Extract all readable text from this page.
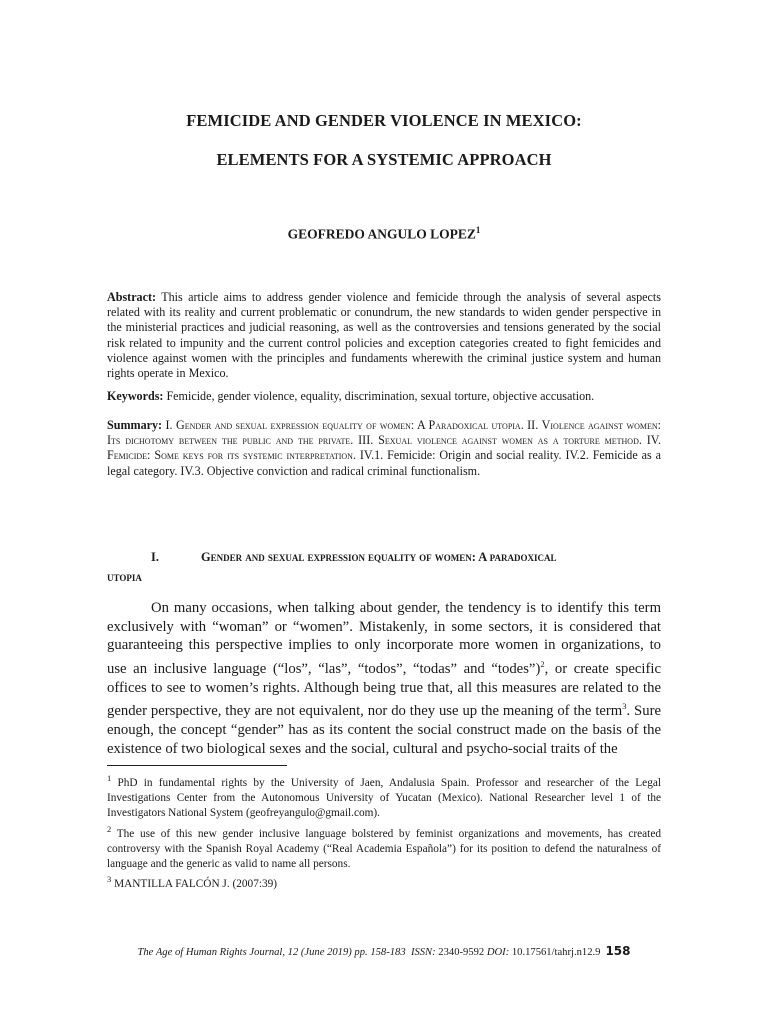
FEMICIDE AND GENDER VIOLENCE IN MEXICO:
ELEMENTS FOR A SYSTEMIC APPROACH
GEOFREDO ANGULO LOPEZ$^1$
Abstract: This article aims to address gender violence and femicide through the analysis of several aspects related with its reality and current problematic or conundrum, the new standards to widen gender perspective in the ministerial practices and judicial reasoning, as well as the controversies and tensions generated by the social risk related to impunity and the current control policies and exception categories created to fight femicides and violence against women with the principles and fundaments wherewith the criminal justice system and human rights operate in Mexico.
Keywords: Femicide, gender violence, equality, discrimination, sexual torture, objective accusation.
Summary: I. Gender and sexual expression equality of women: A Paradoxical utopia. II. Violence against women: Its dichotomy between the public and the private. III. Sexual violence against women as a torture method. IV. Femicide: Some keys for its systemic interpretation. IV.1. Femicide: Origin and social reality. IV.2. Femicide as a legal category. IV.3. Objective conviction and radical criminal functionalism.
I.	Gender and sexual expression equality of women: A paradoxical
utopia

On many occasions, when talking about gender, the tendency is to identify this term exclusively with “woman” or “women”. Mistakenly, in some sectors, it is considered that guaranteeing this perspective implies to only incorporate more women in organizations, to use an inclusive language (“los”, “las”, “todos”, “todas” and “todes”)$^2$, or create specific offices to see to women’s rights. Although being true that, all this measures are related to the gender perspective, they are not equivalent, nor do they use up the meaning of the term$^3$. Sure enough, the concept “gender” has as its content the social construct made on the basis of the existence of two biological sexes and the social, cultural and psycho-social traits of the

$^1$ PhD in fundamental rights by the University of Jaen, Andalusia Spain. Professor and researcher of the Legal Investigations Center from the Autonomous University of Yucatan (Mexico). National Researcher level 1 of the Investigators National System (geofreyangulo@gmail.com).

$^2$ The use of this new gender inclusive language bolstered by feminist organizations and movements, has created controversy with the Spanish Royal Academy (“Real Academia Española”) for its position to defend the naturalness of language and the generic as valid to name all persons.

$^3$ MANTILLA FALCÓN J. (2007:39)

The Age of Human Rights Journal, 12 (June 2019) pp. 158-183 ISSN: 2340-9592 DOI: 10.17561/tahrj.n12.9 158
